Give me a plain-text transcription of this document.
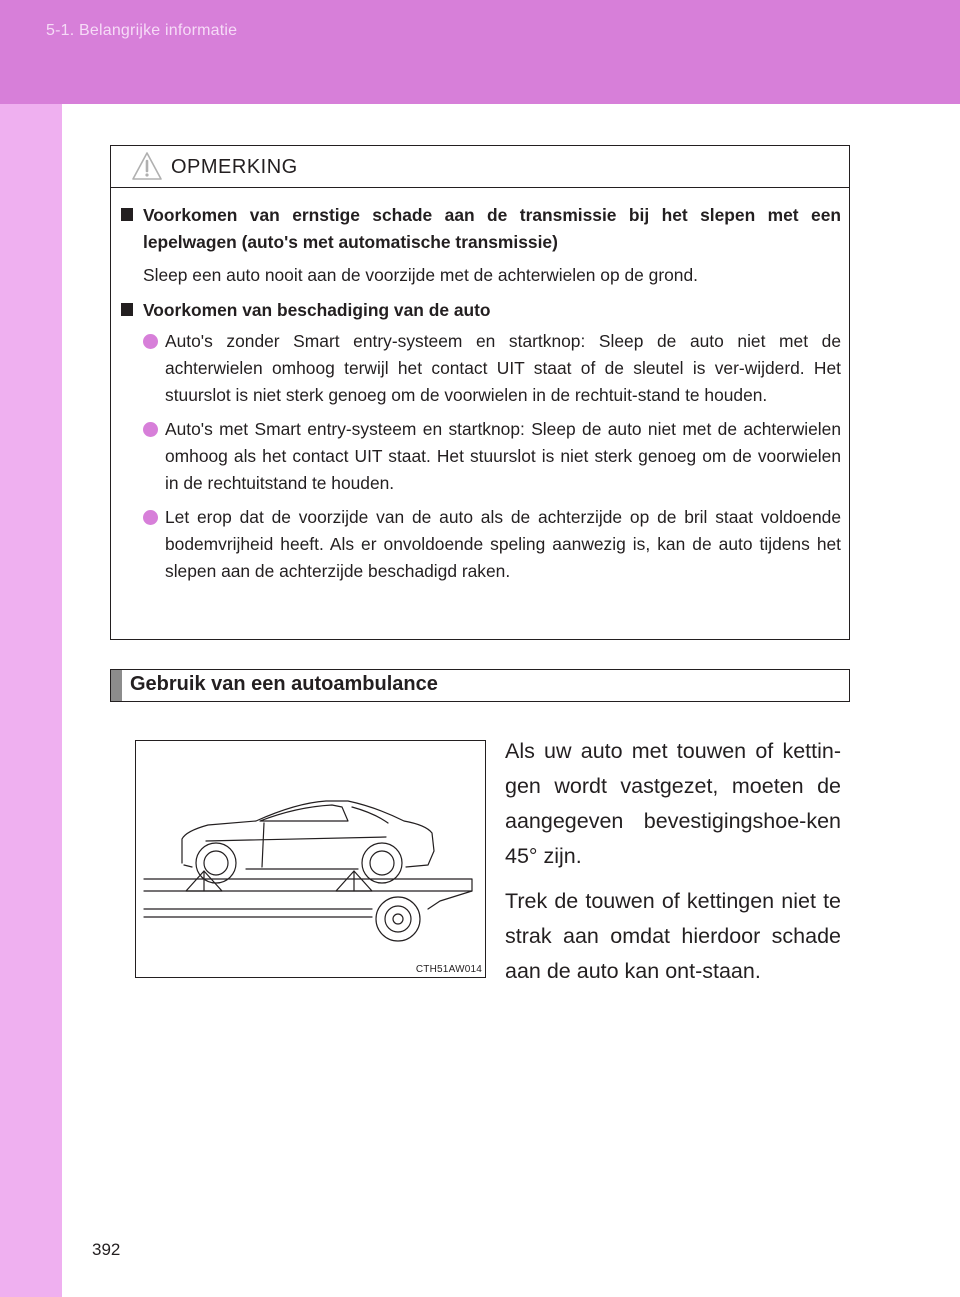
5-1. Belangrijke informatie
OPMERKING
Voorkomen van ernstige schade aan de transmissie bij het slepen met een lepelwagen (auto's met automatische transmissie)
Sleep een auto nooit aan de voorzijde met de achterwielen op de grond.
Voorkomen van beschadiging van de auto
Auto's zonder Smart entry-systeem en startknop: Sleep de auto niet met de achterwielen omhoog terwijl het contact UIT staat of de sleutel is ver-wijderd. Het stuurslot is niet sterk genoeg om de voorwielen in de rechtuit-stand te houden.
Auto's met Smart entry-systeem en startknop: Sleep de auto niet met de achterwielen omhoog als het contact UIT staat. Het stuurslot is niet sterk genoeg om de voorwielen in de rechtuitstand te houden.
Let erop dat de voorzijde van de auto als de achterzijde op de bril staat voldoende bodemvrijheid heeft. Als er onvoldoende speling aanwezig is, kan de auto tijdens het slepen aan de achterzijde beschadigd raken.
Gebruik van een autoambulance
CTH51AW014

Als uw auto met touwen of kettin-gen wordt vastgezet, moeten de aangegeven bevestigingshoe-ken 45° zijn.

Trek de touwen of kettingen niet te strak aan omdat hierdoor schade aan de auto kan ont-staan.

392
